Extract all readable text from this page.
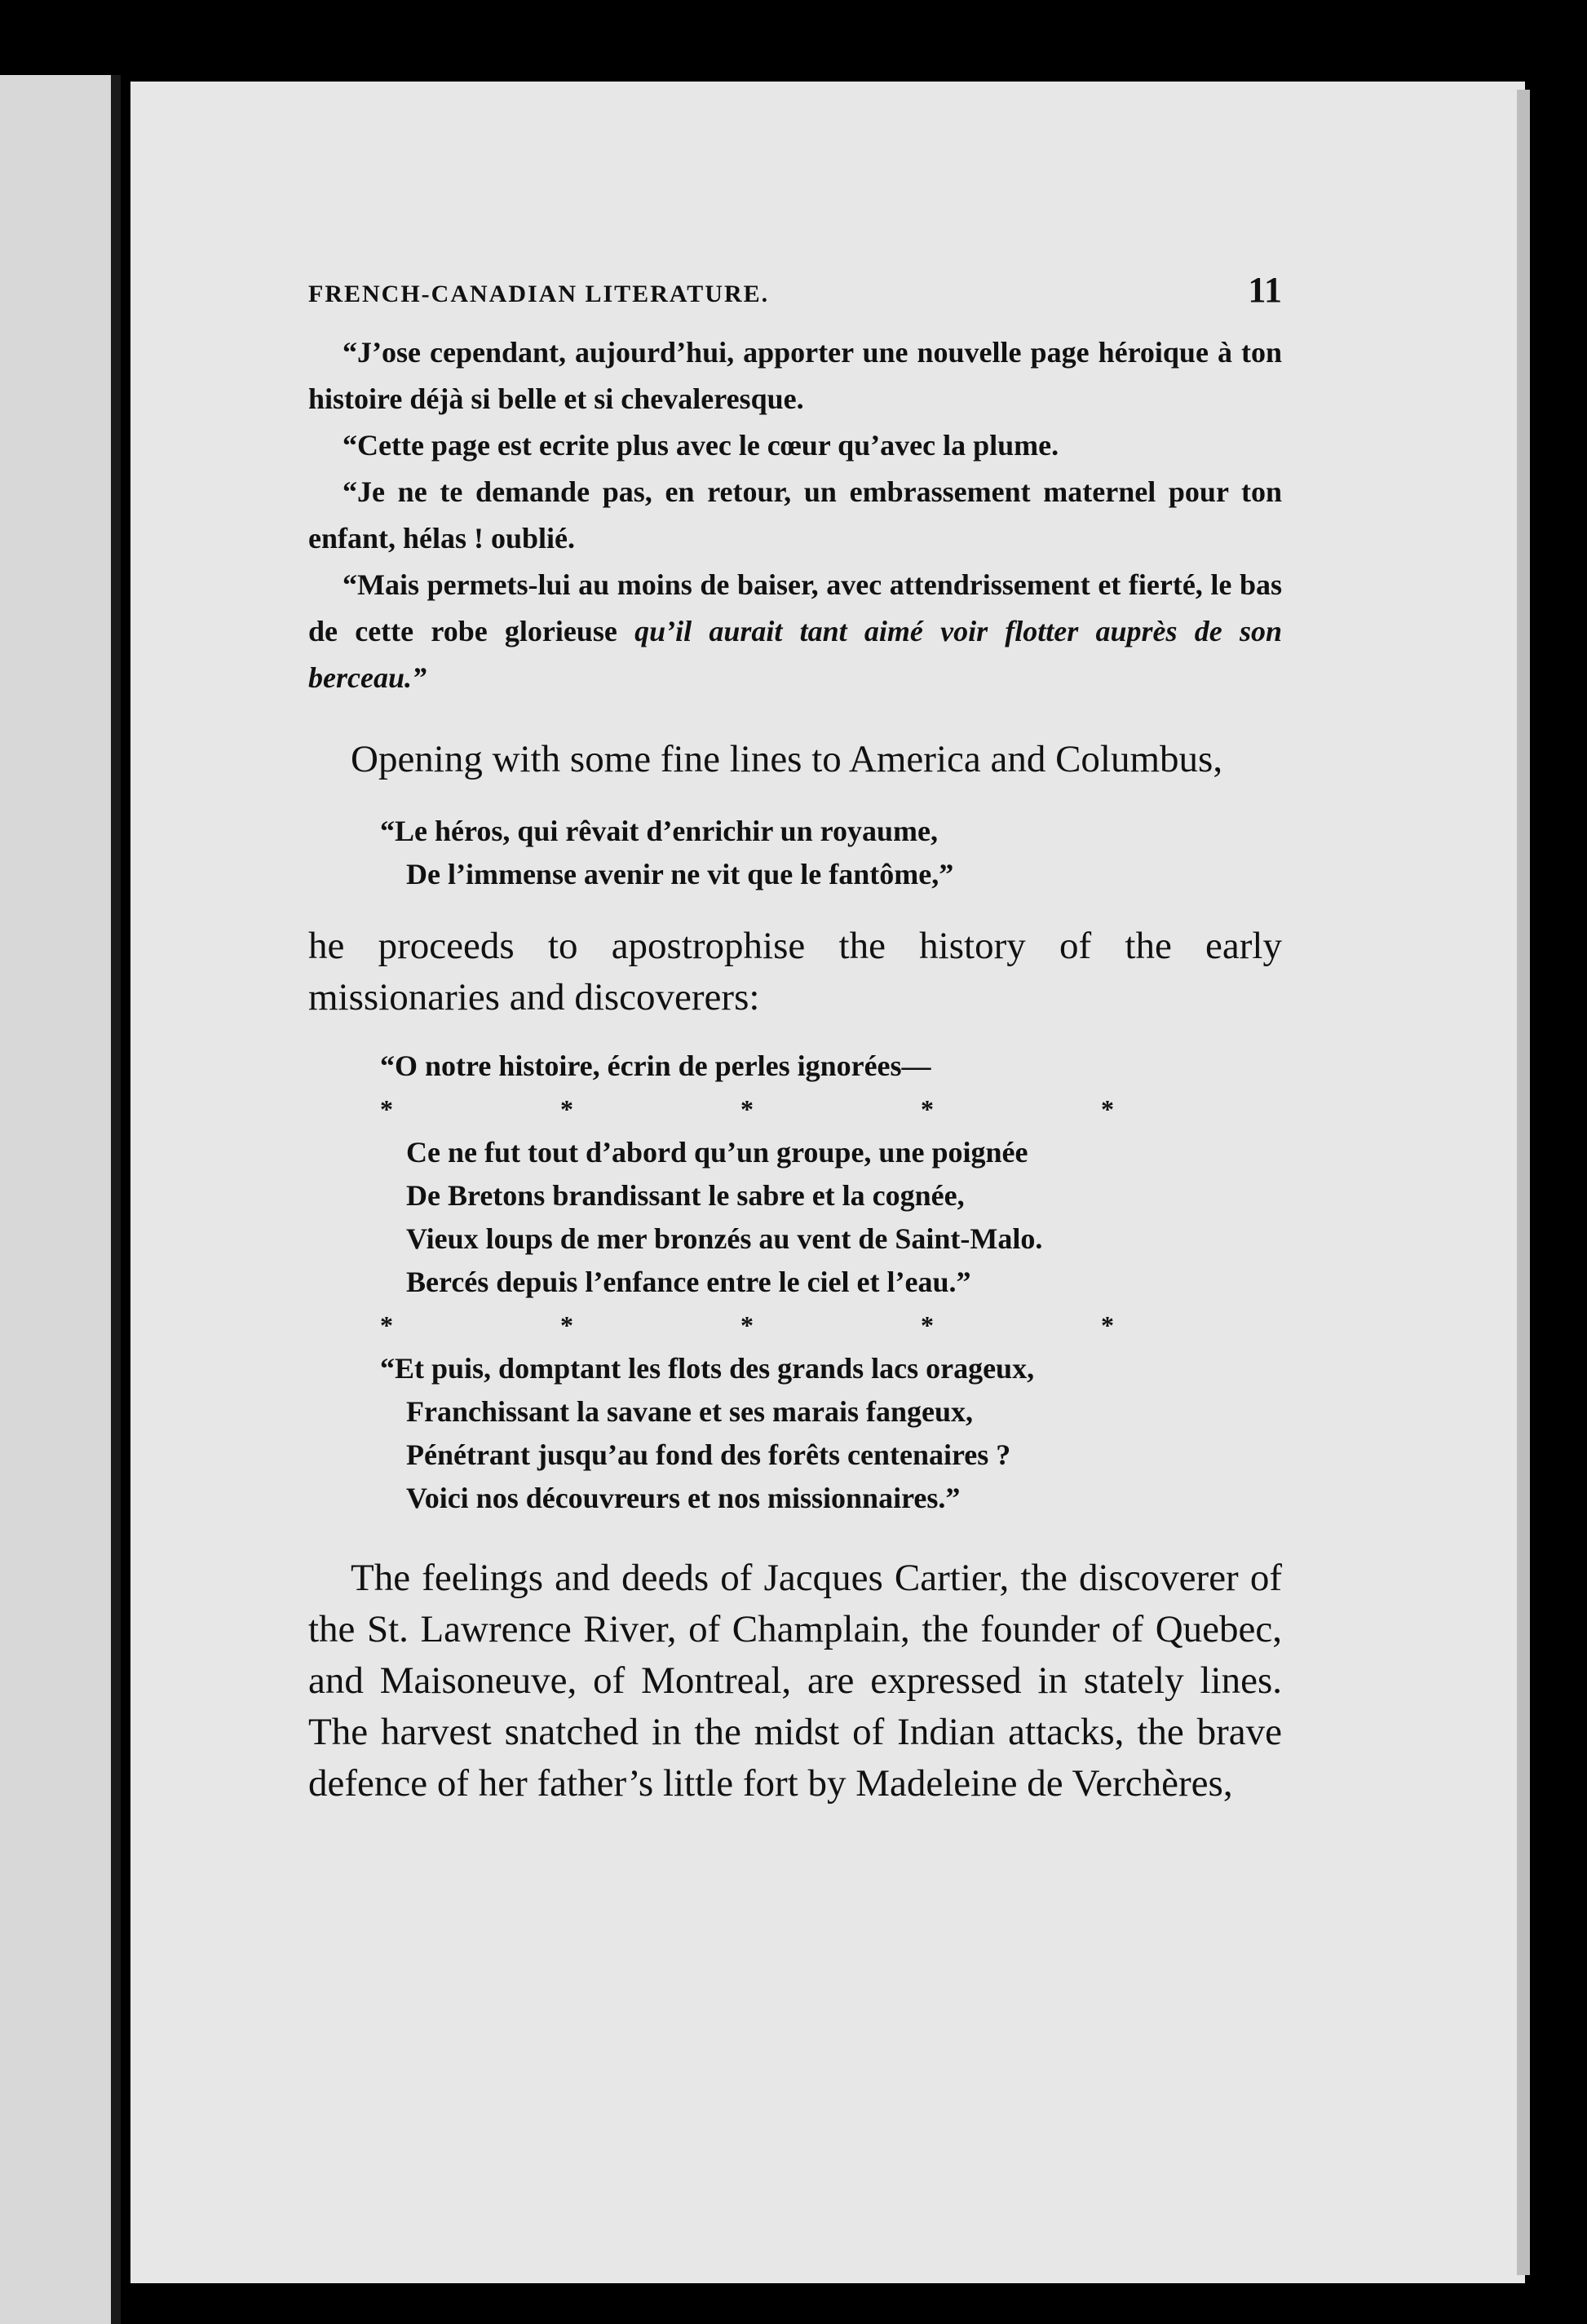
FRENCH-CANADIAN LITERATURE.	11

“J’ose cependant, aujourd’hui, apporter une nouvelle page héroique à ton histoire déjà si belle et si chevaleresque.

“Cette page est ecrite plus avec le cœur qu’avec la plume.

“Je ne te demande pas, en retour, un embrassement maternel pour ton enfant, hélas ! oublié.

“Mais permets-lui au moins de baiser, avec attendrissement et fierté, le bas de cette robe glorieuse qu’il aurait tant aimé voir flotter auprès de son berceau.”

Opening with some fine lines to America and Columbus,

“Le héros, qui rêvait d’enrichir un royaume,
De l’immense avenir ne vit que le fantôme,”

he proceeds to apostrophise the history of the early missionaries and discoverers:

“O notre histoire, écrin de perles ignorées—
*	*	*	*	*
Ce ne fut tout d’abord qu’un groupe, une poignée
De Bretons brandissant le sabre et la cognée,
Vieux loups de mer bronzés au vent de Saint-Malo.
Bercés depuis l’enfance entre le ciel et l’eau.”
*	*	*	*	*
“Et puis, domptant les flots des grands lacs orageux,
Franchissant la savane et ses marais fangeux,
Pénétrant jusqu’au fond des forêts centenaires ?
Voici nos découvreurs et nos missionnaires.”

The feelings and deeds of Jacques Cartier, the discoverer of the St. Lawrence River, of Champlain, the founder of Quebec, and Maisoneuve, of Montreal, are expressed in stately lines. The harvest snatched in the midst of Indian attacks, the brave defence of her father’s little fort by Madeleine de Verchères,
